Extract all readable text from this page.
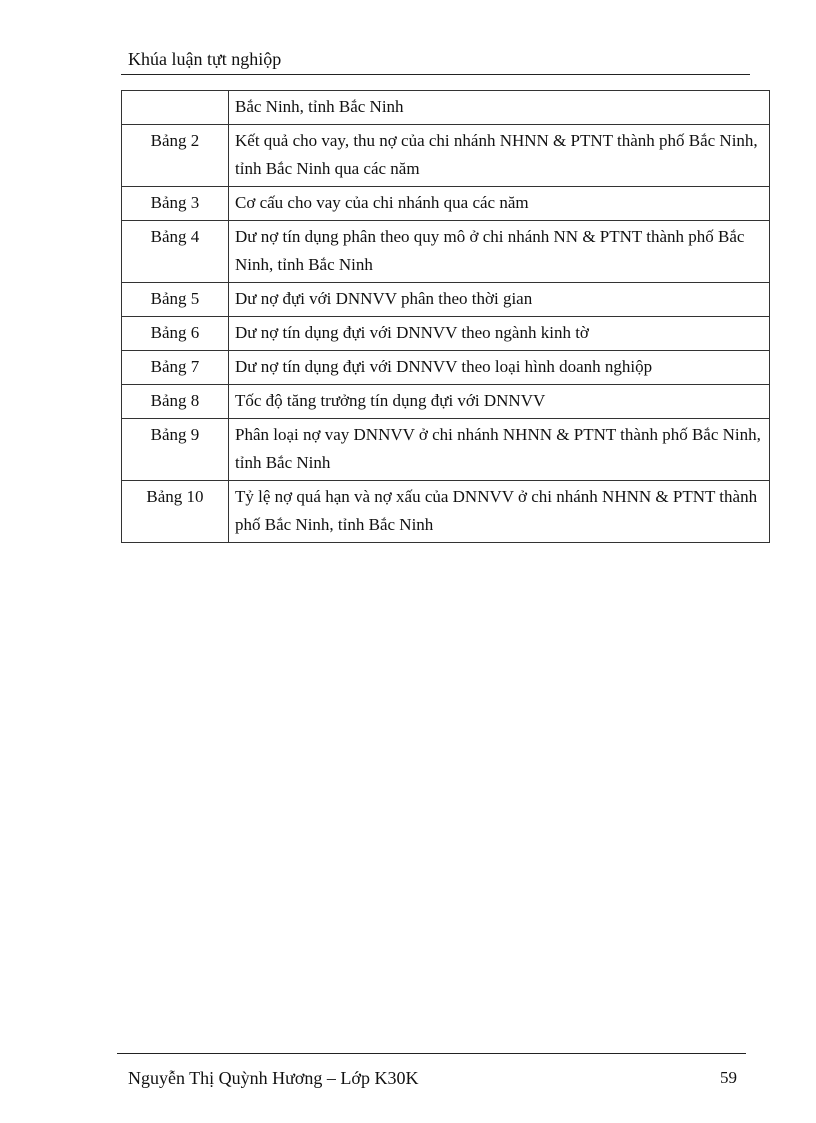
Khúa luận tựt nghiộp
	Bắc Ninh, tỉnh Bắc Ninh
Bảng 2	Kết quả cho vay, thu nợ của chi nhánh NHNN & PTNT thành phố Bắc Ninh, tỉnh Bắc Ninh qua các năm
Bảng 3	Cơ cấu cho vay của chi nhánh qua các năm
Bảng 4	Dư nợ tín dụng phân theo quy mô ở chi nhánh NN & PTNT thành phố Bắc Ninh, tỉnh Bắc Ninh
Bảng 5	Dư nợ đựi với DNNVV phân theo thời gian
Bảng 6	Dư nợ tín dụng đựi với DNNVV theo ngành kinh tờ
Bảng 7	Dư nợ tín dụng đựi với DNNVV theo loại hình doanh nghiộp
Bảng 8	Tốc độ tăng trưởng tín dụng đựi với DNNVV
Bảng 9	Phân loại nợ vay DNNVV ở chi nhánh NHNN & PTNT thành phố Bắc Ninh, tỉnh Bắc Ninh
Bảng 10	Tỷ lệ nợ quá hạn và nợ xấu của DNNVV ở chi nhánh NHNN & PTNT thành phố Bắc Ninh, tỉnh Bắc Ninh
Nguyễn Thị Quỳnh Hương – Lớp K30K	59
